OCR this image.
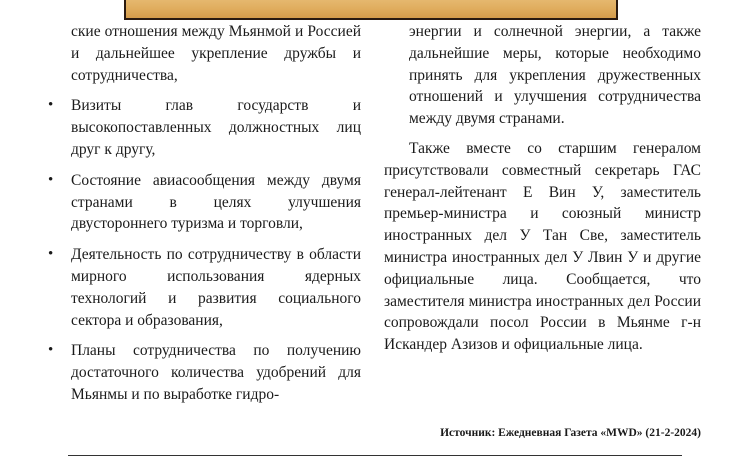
ские отношения между Мьянмой и Россией и дальнейшее укрепление дружбы и сотрудничества,
• Визиты глав государств и высокопоставленных должностных лиц друг к другу,
• Состояние авиасообщения между двумя странами в целях улучшения двустороннего туризма и торговли,
• Деятельность по сотрудничеству в области мирного использования ядерных технологий и развития социального сектора и образования,
• Планы сотрудничества по получению достаточного количества удобрений для Мьянмы и по выработке гидро-
энергии и солнечной энергии, а также дальнейшие меры, которые необходимо принять для укрепления дружественных отношений и улучшения сотрудничества между двумя странами.

Также вместе со старшим генералом присутствовали совместный секретарь ГАС генерал-лейтенант Е Вин У, заместитель премьер-министра и союзный министр иностранных дел У Тан Све, заместитель министра иностранных дел У Лвин У и другие официальные лица. Сообщается, что заместителя министра иностранных дел России сопровождали посол России в Мьянме г-н Искандер Азизов и официальные лица.

Источник: Ежедневная Газета «MWD» (21-2-2024)
